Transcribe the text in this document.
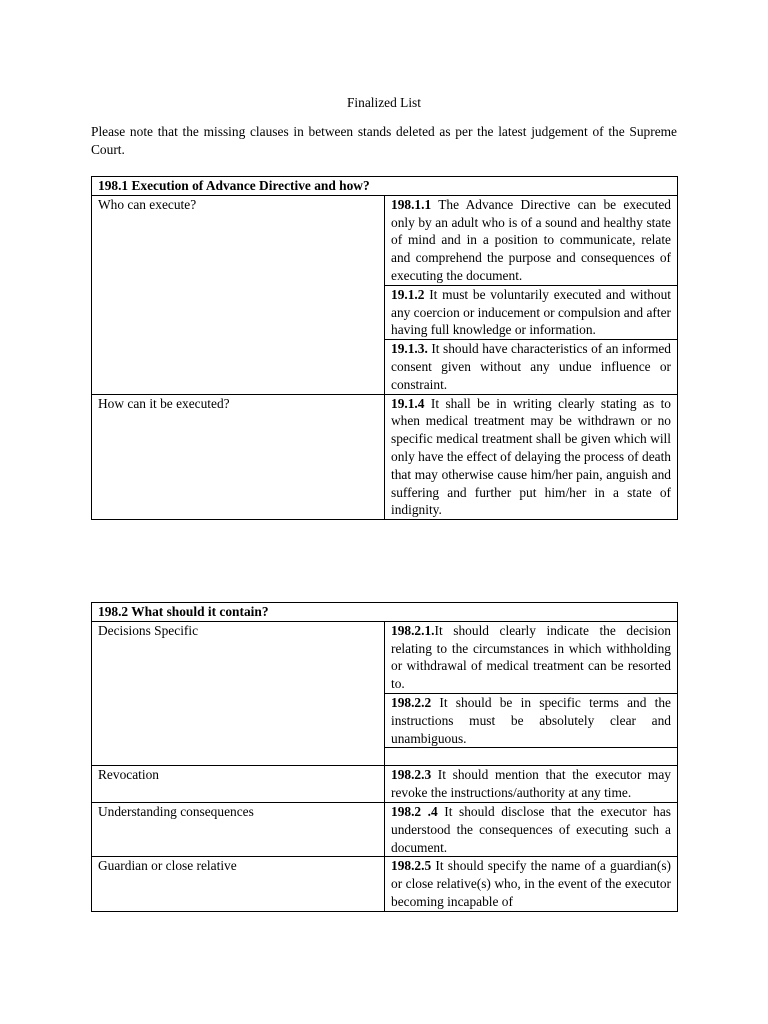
Finalized List

Please note that the missing clauses in between stands deleted as per the latest judgement of the Supreme Court.

198.1 Execution of Advance Directive and how?	
Who can execute?	198.1.1 The Advance Directive can be executed only by an adult who is of a sound and healthy state of mind and in a position to communicate, relate and comprehend the purpose and consequences of executing the document.
	19.1.2 It must be voluntarily executed and without any coercion or inducement or compulsion and after having full knowledge or information.
	19.1.3. It should have characteristics of an informed consent given without any undue influence or constraint.
How can it be executed?	19.1.4 It shall be in writing clearly stating as to when medical treatment may be withdrawn or no specific medical treatment shall be given which will only have the effect of delaying the process of death that may otherwise cause him/her pain, anguish and suffering and further put him/her in a state of indignity.
198.2 What should it contain?	
Decisions Specific	198.2.1.It should clearly indicate the decision relating to the circumstances in which withholding or withdrawal of medical treatment can be resorted to.
	198.2.2 It should be in specific terms and the instructions must be absolutely clear and unambiguous.

Revocation	198.2.3 It should mention that the executor may revoke the instructions/authority at any time.
Understanding consequences	198.2 .4 It should disclose that the executor has understood the consequences of executing such a document.
Guardian or close relative	198.2.5 It should specify the name of a guardian(s) or close relative(s) who, in the event of the executor becoming incapable of
